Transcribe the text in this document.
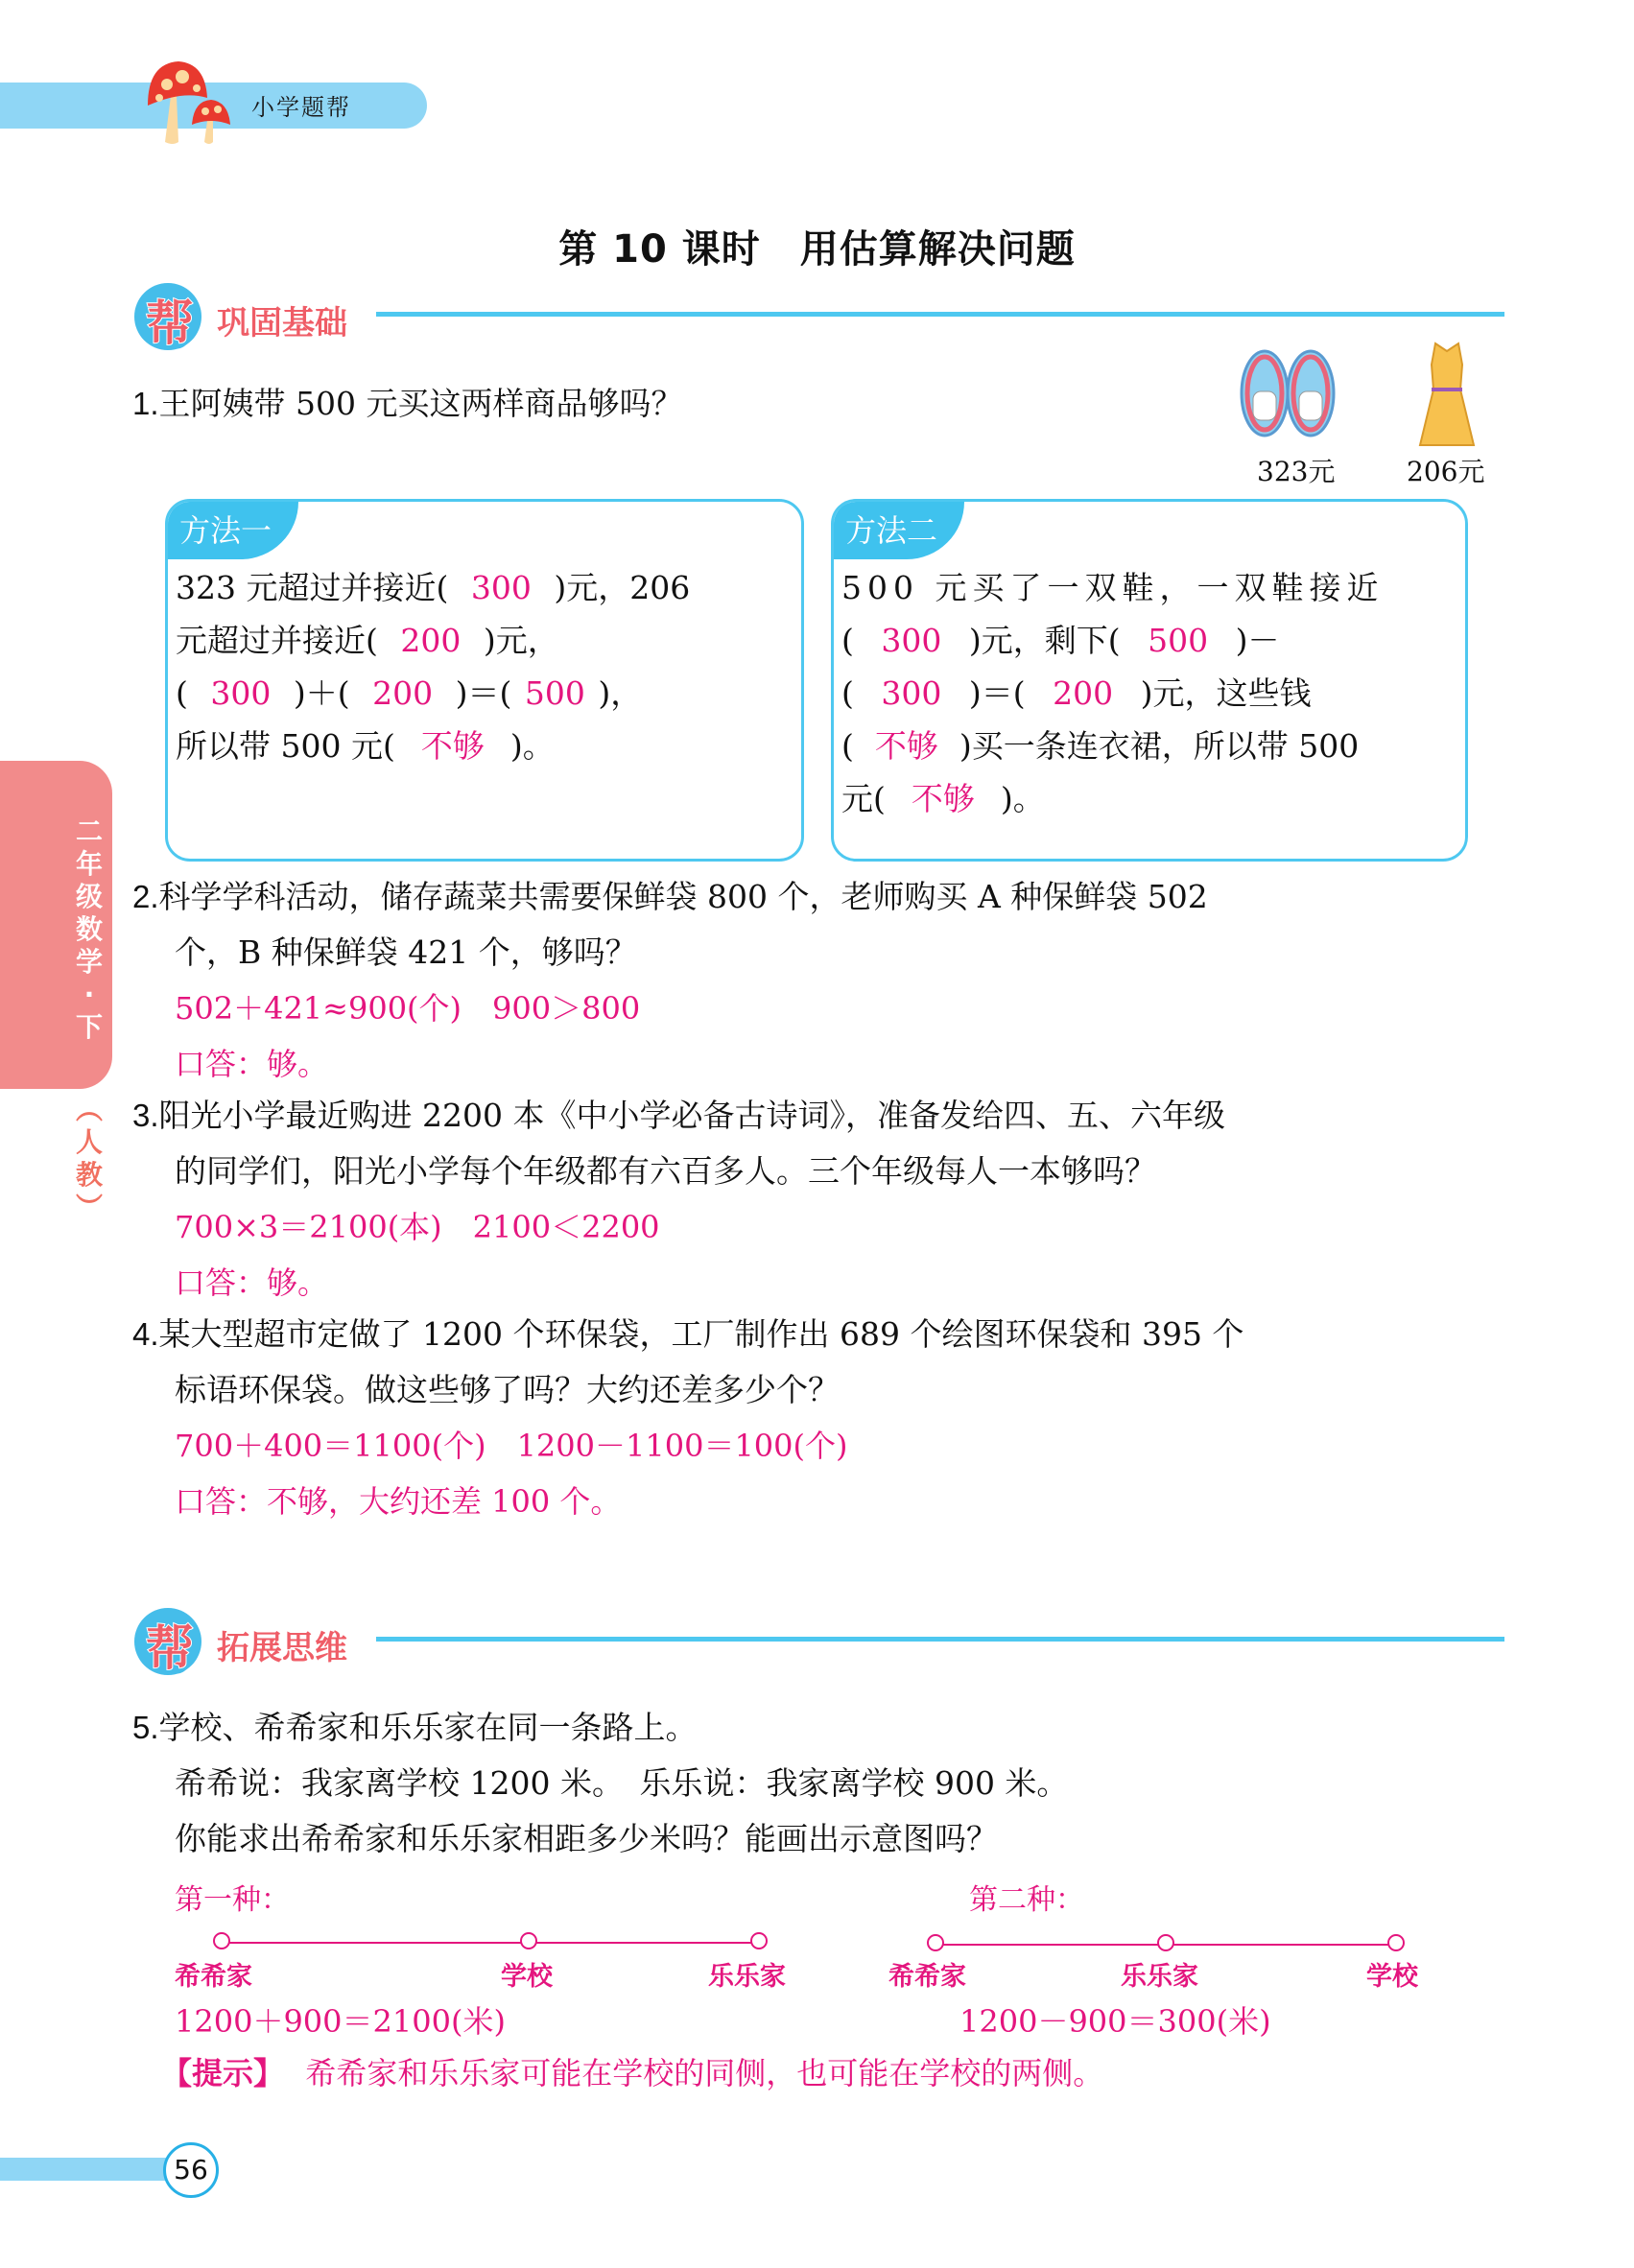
小学题帮
第 10 课时　用估算解决问题
帮 巩固基础
1.王阿姨带 500 元买这两样商品够吗？
323元	206元
方法一
323 元超过并接近( 300 )元，206
元超过并接近( 200 )元，
( 300 )＋( 200 )＝( 500 )，
所以带 500 元( 不够 )。
方法二
500 元买了一双鞋，一双鞋接近
( 300 )元，剩下( 500 )－
( 300 )＝( 200 )元，这些钱
( 不够 )买一条连衣裙，所以带 500
元( 不够 )。
二
年
级
数
学
·
下
︵
人
教
︶
2.科学学科活动，储存蔬菜共需要保鲜袋 800 个，老师购买 A 种保鲜袋 502
个，B 种保鲜袋 421 个，够吗？
502＋421≈900(个)　900＞800
口答：够。
3.阳光小学最近购进 2200 本《中小学必备古诗词》，准备发给四、五、六年级
的同学们，阳光小学每个年级都有六百多人。三个年级每人一本够吗？
700×3＝2100(本)　2100＜2200
口答：够。
4.某大型超市定做了 1200 个环保袋，工厂制作出 689 个绘图环保袋和 395 个
标语环保袋。做这些够了吗？大约还差多少个？
700＋400＝1100(个)　1200－1100＝100(个)
口答：不够，大约还差 100 个。
帮 拓展思维
5.学校、希希家和乐乐家在同一条路上。
希希说：我家离学校 1200 米。　乐乐说：我家离学校 900 米。
你能求出希希家和乐乐家相距多少米吗？能画出示意图吗？
第一种：	第二种：
希希家	学校	乐乐家
1200＋900＝2100(米)
希希家	乐乐家	学校
1200－900＝300(米)
【提示】 希希家和乐乐家可能在学校的同侧，也可能在学校的两侧。
56
